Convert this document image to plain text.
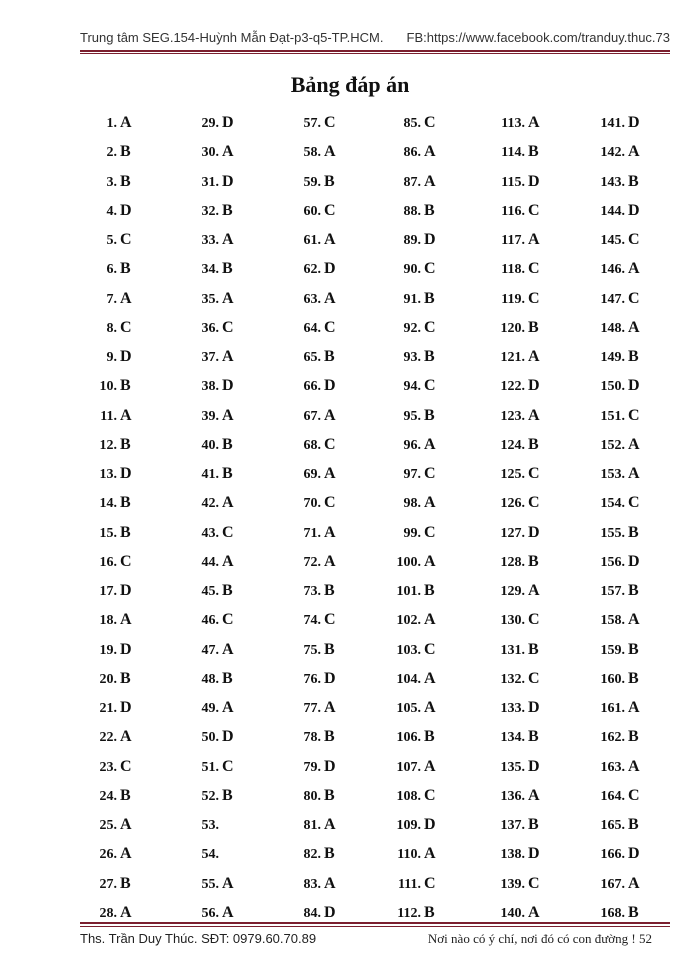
Trung tâm SEG.154-Huỳnh Mẫn Đạt-p3-q5-TP.HCM. FB:https://www.facebook.com/tranduy.thuc.73
Bảng đáp án
1. A
2. B
3. B
4. D
5. C
6. B
7. A
8. C
9. D
10. B
11. A
12. B
13. D
14. B
15. B
16. C
17. D
18. A
19. D
20. B
21. D
22. A
23. C
24. B
25. A
26. A
27. B
28. A
29. D
30. A
31. D
32. B
33. A
34. B
35. A
36. C
37. A
38. D
39. A
40. B
41. B
42. A
43. C
44. A
45. B
46. C
47. A
48. B
49. A
50. D
51. C
52. B
53.
54.
55. A
56. A
57. C
58. A
59. B
60. C
61. A
62. D
63. A
64. C
65. B
66. D
67. A
68. C
69. A
70. C
71. A
72. A
73. B
74. C
75. B
76. D
77. A
78. B
79. D
80. B
81. A
82. B
83. A
84. D
85. C
86. A
87. A
88. B
89. D
90. C
91. B
92. C
93. B
94. C
95. B
96. A
97. C
98. A
99. C
100. A
101. B
102. A
103. C
104. A
105. A
106. B
107. A
108. C
109. D
110. A
111. C
112. B
113. A
114. B
115. D
116. C
117. A
118. C
119. C
120. B
121. A
122. D
123. A
124. B
125. C
126. C
127. D
128. B
129. A
130. C
131. B
132. C
133. D
134. B
135. D
136. A
137. B
138. D
139. C
140. A
141. D
142. A
143. B
144. D
145. C
146. A
147. C
148. A
149. B
150. D
151. C
152. A
153. A
154. C
155. B
156. D
157. B
158. A
159. B
160. B
161. A
162. B
163. A
164. C
165. B
166. D
167. A
168. B
Ths. Trần Duy Thúc. SĐT: 0979.60.70.89	Nơi nào có ý chí, nơi đó có con đường ! 52
